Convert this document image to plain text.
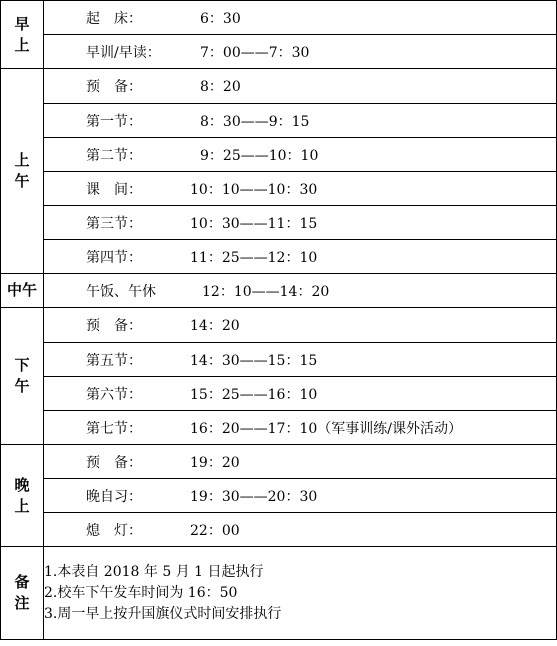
早上	起　床： 6：30

	早训/早读： 7：00——7：30

上午	预　备： 8：20

	第一节： 8：30——9：15

	第二节： 9：25——10：10

	课　间： 10：10——10：30

	第三节： 10：30——11：15

	第四节： 11：25——12：10

中午	午饭、午休 12：10——14：20

下午	预　备： 14：20

	第五节： 14：30——15：15

	第六节： 15：25——16：10

	第七节： 16：20——17：10（军事训练/课外活动）

晚上	预　备： 19：20

	晚自习： 19：30——20：30

	熄　灯： 22：00

备注	1.本表自 2018 年 5 月 1 日起执行
2.校车下午发车时间为 16：50
3.周一早上按升国旗仪式时间安排执行
